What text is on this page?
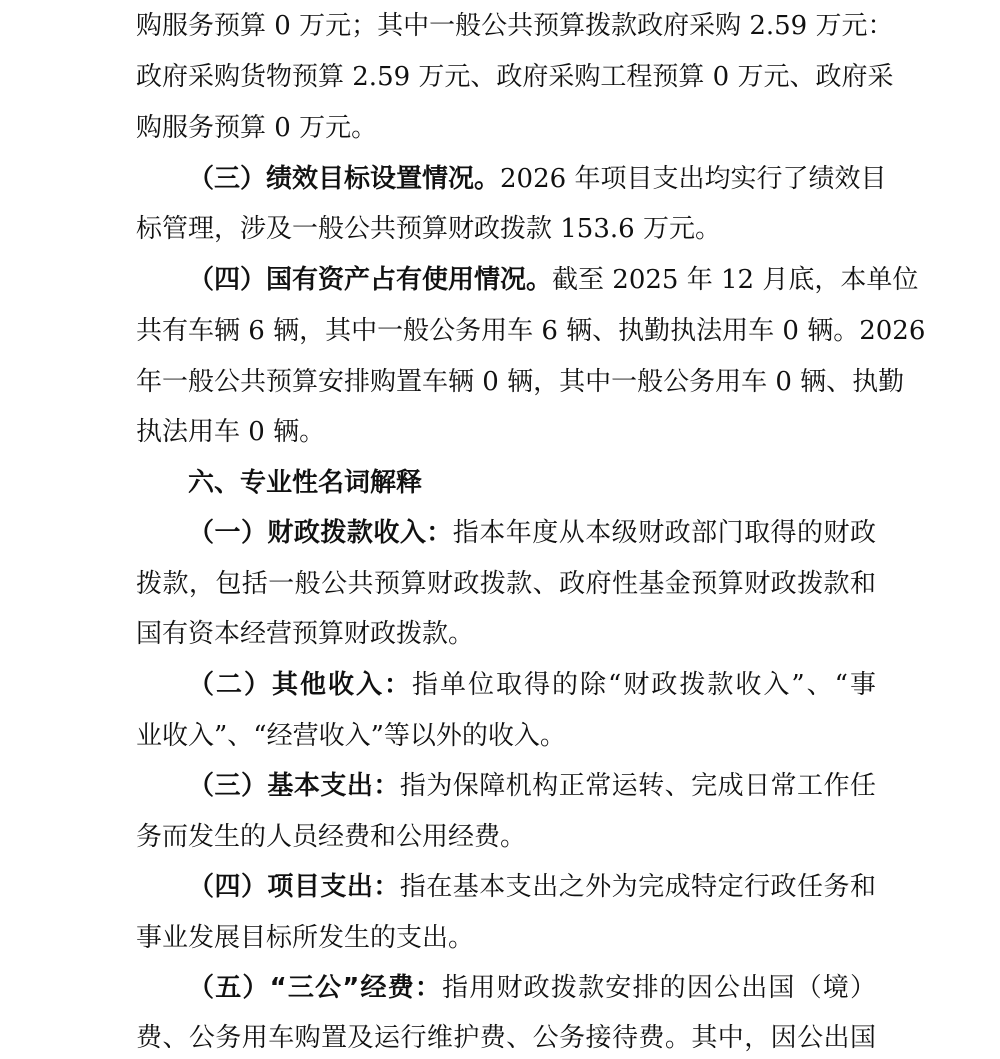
购服务预算 0 万元；其中一般公共预算拨款政府采购 2.59 万元：
政府采购货物预算 2.59 万元、政府采购工程预算 0 万元、政府采
购服务预算 0 万元。
（三）绩效目标设置情况。2026 年项目支出均实行了绩效目
标管理，涉及一般公共预算财政拨款 153.6 万元。
（四）国有资产占有使用情况。截至 2025 年 12 月底，本单位
共有车辆 6 辆，其中一般公务用车 6 辆、执勤执法用车 0 辆。2026
年一般公共预算安排购置车辆 0 辆，其中一般公务用车 0 辆、执勤
执法用车 0 辆。
六、专业性名词解释
（一）财政拨款收入：指本年度从本级财政部门取得的财政
拨款，包括一般公共预算财政拨款、政府性基金预算财政拨款和
国有资本经营预算财政拨款。
（二）其他收入：指单位取得的除“财政拨款收入”、“事
业收入”、“经营收入”等以外的收入。
（三）基本支出：指为保障机构正常运转、完成日常工作任
务而发生的人员经费和公用经费。
（四）项目支出：指在基本支出之外为完成特定行政任务和
事业发展目标所发生的支出。
（五）“三公”经费：指用财政拨款安排的因公出国（境）
费、公务用车购置及运行维护费、公务接待费。其中，因公出国
